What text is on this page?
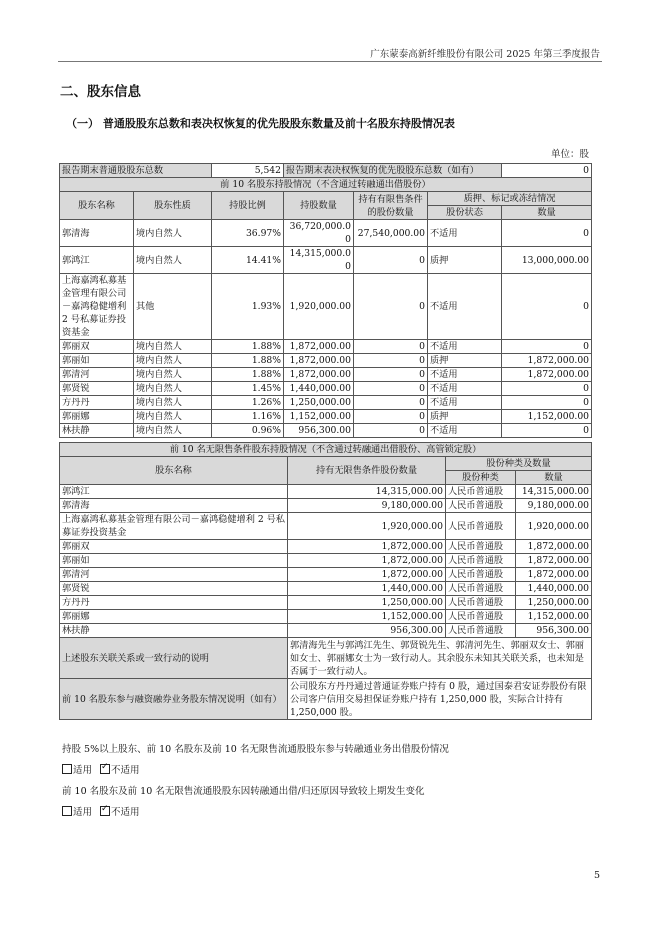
广东蒙泰高新纤维股份有限公司 2025 年第三季度报告
二、股东信息
（一） 普通股股东总数和表决权恢复的优先股股东数量及前十名股东持股情况表
单位：股
报告期末普通股股东总数		5,542	报告期末表决权恢复的优先股股东总数（如有）			0
前 10 名股东持股情况（不含通过转融通出借股份）						
股东名称	股东性质	持股比例	持股数量	持有有限售条件的股份数量	质押、标记或冻结情况	
					股份状态	数量
郭清海	境内自然人	36.97%	36,720,000.00	27,540,000.00	不适用	0
郭鸿江	境内自然人	14.41%	14,315,000.00	0	质押	13,000,000.00
上海嘉鸿私募基金管理有限公司－嘉鸿稳健增利 2 号私募证券投资基金	其他	1.93%	1,920,000.00	0	不适用	0
郭丽双	境内自然人	1.88%	1,872,000.00	0	不适用	0
郭丽如	境内自然人	1.88%	1,872,000.00	0	质押	1,872,000.00
郭清河	境内自然人	1.88%	1,872,000.00	0	不适用	1,872,000.00
郭贤锐	境内自然人	1.45%	1,440,000.00	0	不适用	0
方丹丹	境内自然人	1.26%	1,250,000.00	0	不适用	0
郭丽娜	境内自然人	1.16%	1,152,000.00	0	质押	1,152,000.00
林扶静	境内自然人	0.96%	956,300.00	0	不适用	0
前 10 名无限售条件股东持股情况（不含通过转融通出借股份、高管锁定股）			
股东名称	持有无限售条件股份数量	股份种类及数量	
		股份种类	数量
郭鸿江	14,315,000.00	人民币普通股	14,315,000.00
郭清海	9,180,000.00	人民币普通股	9,180,000.00
上海嘉鸿私募基金管理有限公司－嘉鸿稳健增利 2 号私募证券投资基金	1,920,000.00	人民币普通股	1,920,000.00
郭丽双	1,872,000.00	人民币普通股	1,872,000.00
郭丽如	1,872,000.00	人民币普通股	1,872,000.00
郭清河	1,872,000.00	人民币普通股	1,872,000.00
郭贤锐	1,440,000.00	人民币普通股	1,440,000.00
方丹丹	1,250,000.00	人民币普通股	1,250,000.00
郭丽娜	1,152,000.00	人民币普通股	1,152,000.00
林扶静	956,300.00	人民币普通股	956,300.00
上述股东关联关系或一致行动的说明	郭清海先生与郭鸿江先生、郭贤锐先生、郭清河先生、郭丽双女士、郭丽如女士、郭丽娜女士为一致行动人。其余股东未知其关联关系，也未知是否属于一致行动人。		
前 10 名股东参与融资融券业务股东情况说明（如有）	公司股东方丹丹通过普通证券账户持有 0 股，通过国泰君安证券股份有限公司客户信用交易担保证券账户持有 1,250,000 股，实际合计持有 1,250,000 股。		
持股 5%以上股东、前 10 名股东及前 10 名无限售流通股股东参与转融通业务出借股份情况
适用 ✓ 不适用
前 10 名股东及前 10 名无限售流通股股东因转融通出借/归还原因导致较上期发生变化
适用 ✓ 不适用
5
